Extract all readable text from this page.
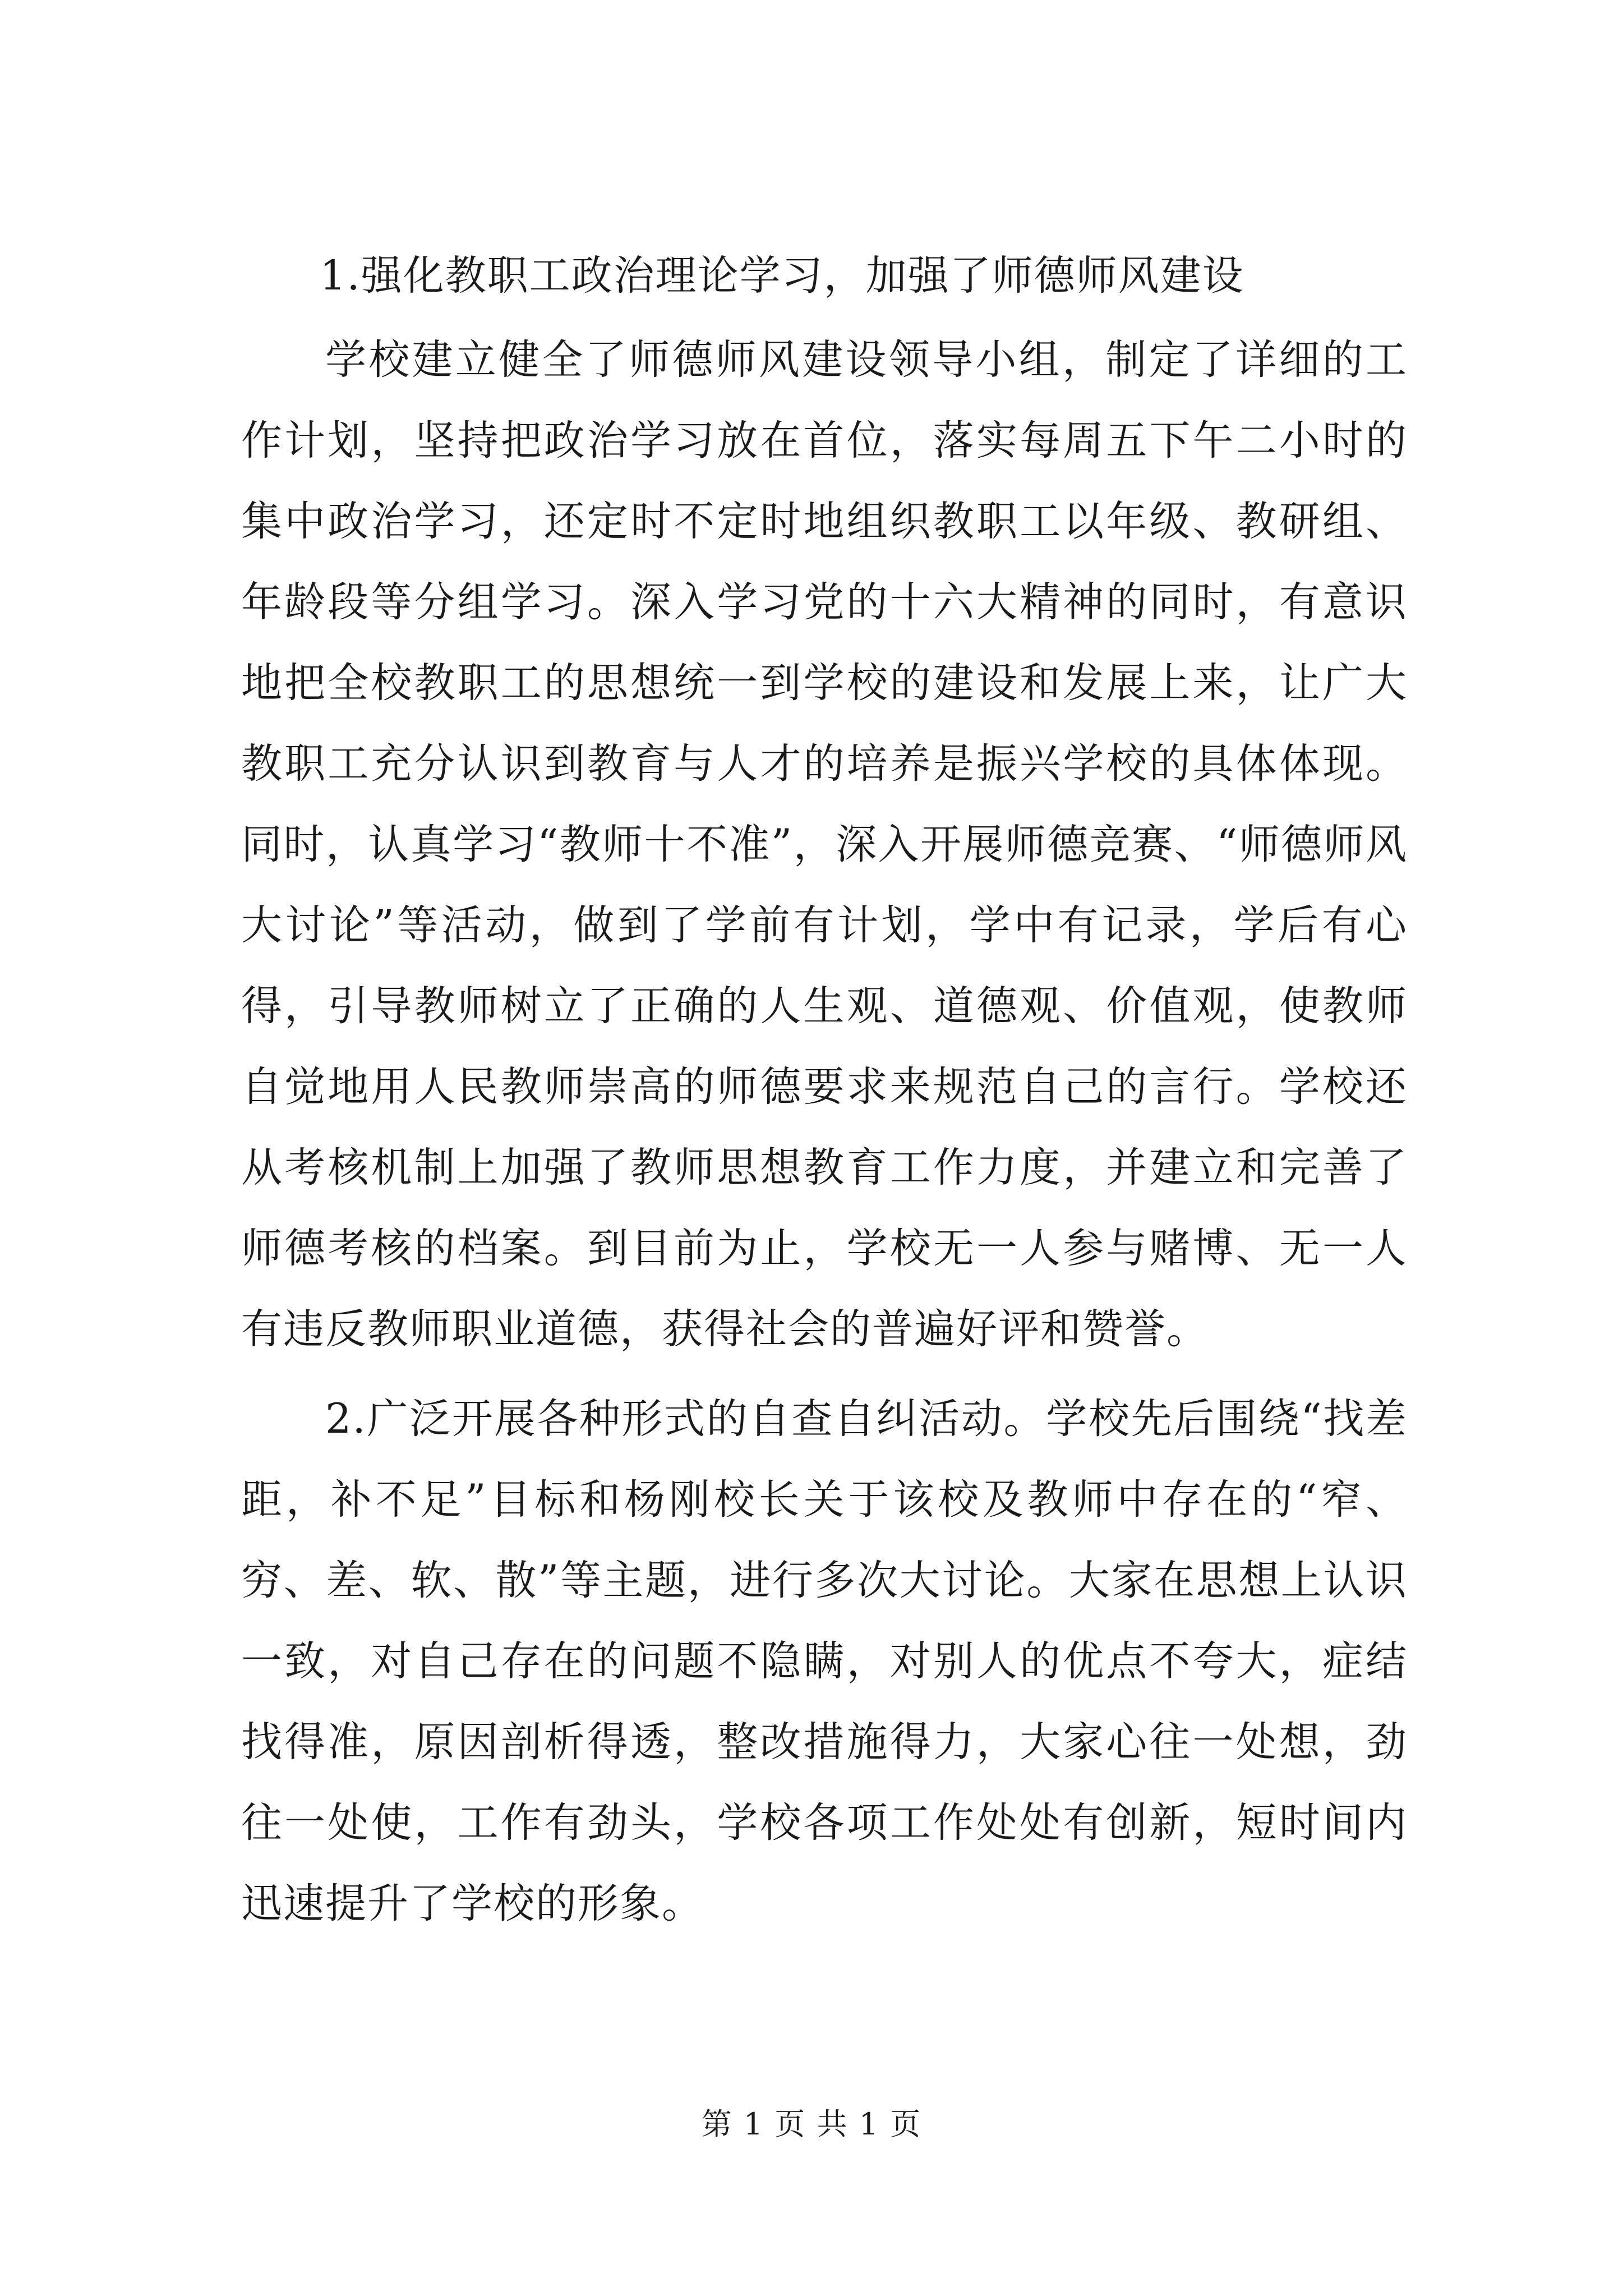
1.强化教职工政治理论学习，加强了师德师风建设

学校建立健全了师德师风建设领导小组，制定了详细的工作计划，坚持把政治学习放在首位，落实每周五下午二小时的集中政治学习，还定时不定时地组织教职工以年级、教研组、年龄段等分组学习。深入学习党的十六大精神的同时，有意识地把全校教职工的思想统一到学校的建设和发展上来，让广大教职工充分认识到教育与人才的培养是振兴学校的具体体现。同时，认真学习“教师十不准”，深入开展师德竞赛、“师德师风大讨论”等活动，做到了学前有计划，学中有记录，学后有心得，引导教师树立了正确的人生观、道德观、价值观，使教师自觉地用人民教师崇高的师德要求来规范自己的言行。学校还从考核机制上加强了教师思想教育工作力度，并建立和完善了师德考核的档案。到目前为止，学校无一人参与赌博、无一人有违反教师职业道德，获得社会的普遍好评和赞誉。

2.广泛开展各种形式的自查自纠活动。学校先后围绕“找差距，补不足”目标和杨刚校长关于该校及教师中存在的“窄、穷、差、软、散”等主题，进行多次大讨论。大家在思想上认识一致，对自己存在的问题不隐瞒，对别人的优点不夸大，症结找得准，原因剖析得透，整改措施得力，大家心往一处想，劲往一处使，工作有劲头，学校各项工作处处有创新，短时间内迅速提升了学校的形象。

第 1 页 共 1 页
